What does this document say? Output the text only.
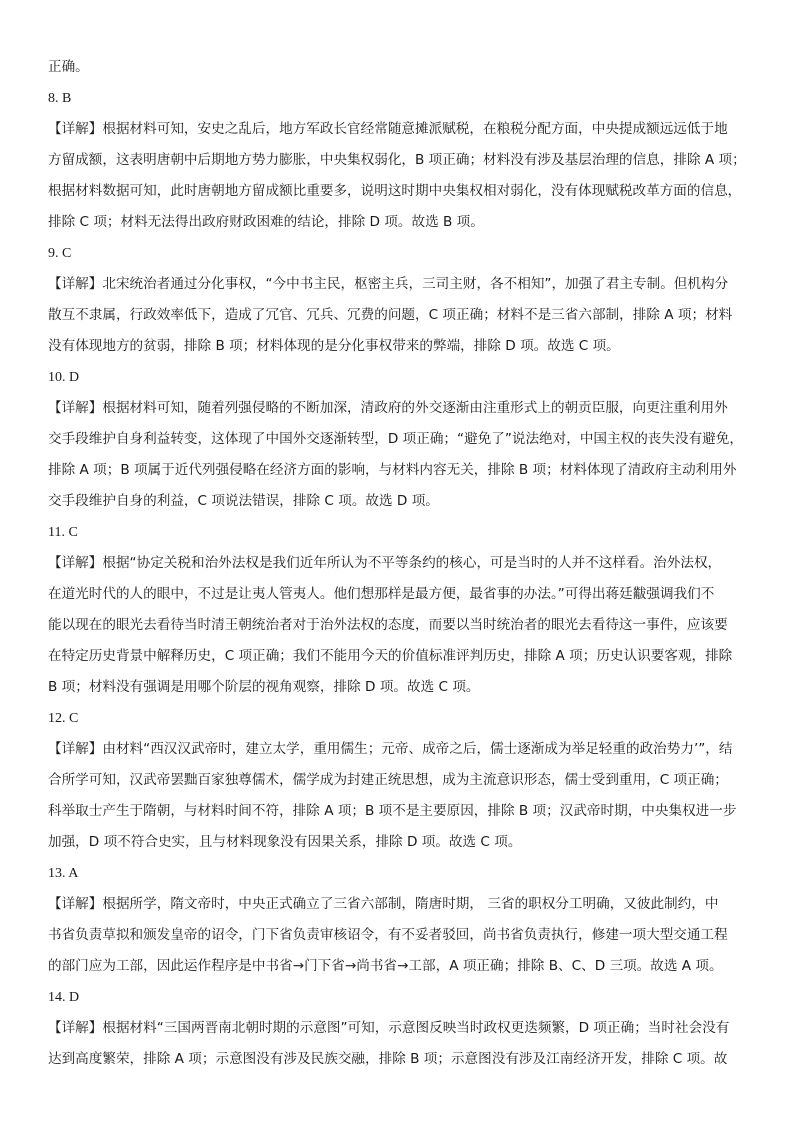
正确。
8. B
【详解】根据材料可知，安史之乱后，地方军政长官经常随意摊派赋税，在粮税分配方面，中央提成额远远低于地
方留成额，这表明唐朝中后期地方势力膨胀，中央集权弱化，B 项正确；材料没有涉及基层治理的信息，排除 A 项；
根据材料数据可知，此时唐朝地方留成额比重要多，说明这时期中央集权相对弱化，没有体现赋税改革方面的信息，
排除 C 项；材料无法得出政府财政困难的结论，排除 D 项。故选 B 项。
9. C
【详解】北宋统治者通过分化事权，“今中书主民，枢密主兵，三司主财，各不相知”，加强了君主专制。但机构分
散互不隶属，行政效率低下，造成了冗官、冗兵、冗费的问题，C 项正确；材料不是三省六部制，排除 A 项；材料
没有体现地方的贫弱，排除 B 项；材料体现的是分化事权带来的弊端，排除 D 项。故选 C 项。
10. D
【详解】根据材料可知，随着列强侵略的不断加深，清政府的外交逐渐由注重形式上的朝贡臣服，向更注重利用外
交手段维护自身利益转变，这体现了中国外交逐渐转型，D 项正确；“避免了”说法绝对，中国主权的丧失没有避免，
排除 A 项；B 项属于近代列强侵略在经济方面的影响，与材料内容无关，排除 B 项；材料体现了清政府主动利用外
交手段维护自身的利益，C 项说法错误，排除 C 项。故选 D 项。
11. C
【详解】根据“协定关税和治外法权是我们近年所认为不平等条约的核心，可是当时的人并不这样看。治外法权，
在道光时代的人的眼中，不过是让夷人管夷人。他们想那样是最方便，最省事的办法。”可得出蒋廷黻强调我们不
能以现在的眼光去看待当时清王朝统治者对于治外法权的态度，而要以当时统治者的眼光去看待这一事件，应该要
在特定历史背景中解释历史，C 项正确；我们不能用今天的价值标准评判历史，排除 A 项；历史认识要客观，排除
B 项；材料没有强调是用哪个阶层的视角观察，排除 D 项。故选 C 项。
12. C
【详解】由材料“西汉汉武帝时，建立太学，重用儒生；元帝、成帝之后，儒士逐渐成为举足轻重的政治势力’”，结
合所学可知，汉武帝罢黜百家独尊儒术，儒学成为封建正统思想，成为主流意识形态，儒士受到重用，C 项正确；
科举取士产生于隋朝，与材料时间不符，排除 A 项；B 项不是主要原因，排除 B 项；汉武帝时期，中央集权进一步
加强，D 项不符合史实，且与材料现象没有因果关系，排除 D 项。故选 C 项。
13. A
【详解】根据所学，隋文帝时，中央正式确立了三省六部制，隋唐时期， 三省的职权分工明确，又彼此制约，中
书省负责草拟和颁发皇帝的诏令，门下省负责审核诏令，有不妥者驳回，尚书省负责执行，修建一项大型交通工程
的部门应为工部，因此运作程序是中书省→门下省→尚书省→工部，A 项正确；排除 B、C、D 三项。故选 A 项。
14. D
【详解】根据材料“三国两晋南北朝时期的示意图”可知，示意图反映当时政权更迭频繁，D 项正确；当时社会没有
达到高度繁荣，排除 A 项；示意图没有涉及民族交融，排除 B 项；示意图没有涉及江南经济开发，排除 C 项。故
